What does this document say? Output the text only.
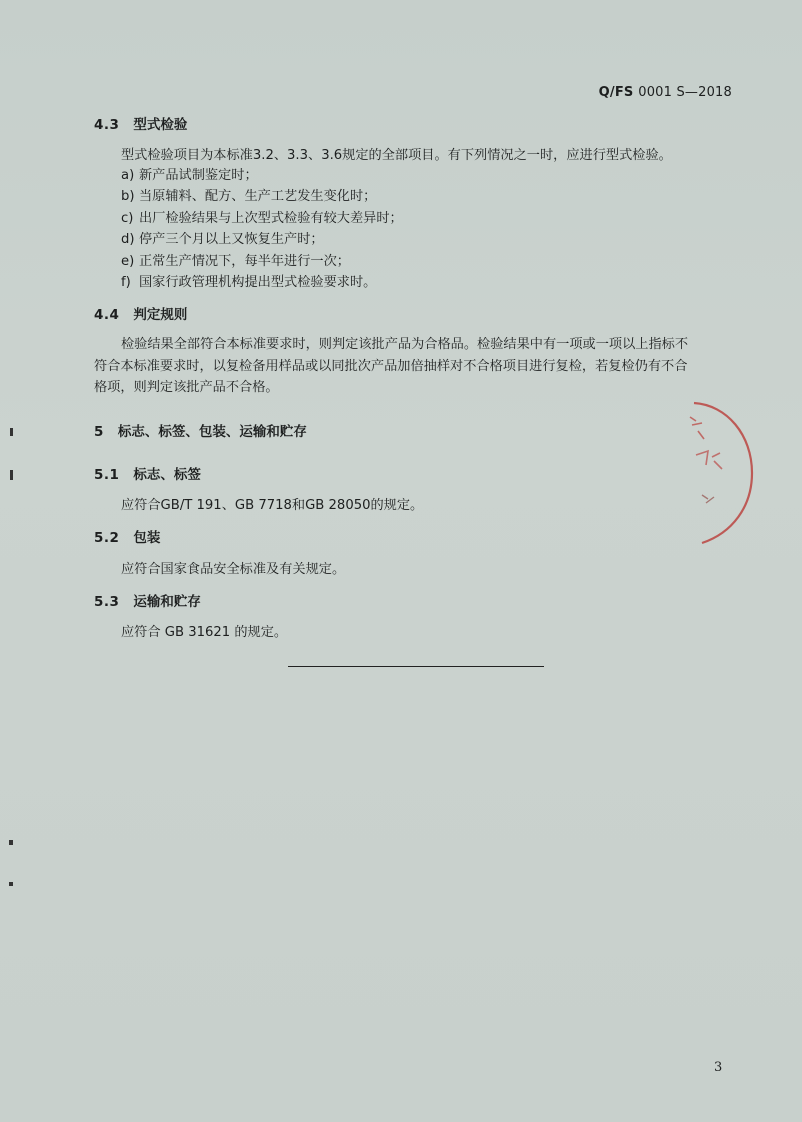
Q/FS 0001 S—2018
4.3 型式检验
型式检验项目为本标准3.2、3.3、3.6规定的全部项目。有下列情况之一时，应进行型式检验。
a) 新产品试制鉴定时；
b) 当原辅料、配方、生产工艺发生变化时；
c) 出厂检验结果与上次型式检验有较大差异时；
d) 停产三个月以上又恢复生产时；
e) 正常生产情况下，每半年进行一次；
f) 国家行政管理机构提出型式检验要求时。
4.4 判定规则
检验结果全部符合本标准要求时，则判定该批产品为合格品。检验结果中有一项或一项以上指标不
符合本标准要求时，以复检备用样品或以同批次产品加倍抽样对不合格项目进行复检，若复检仍有不合
格项，则判定该批产品不合格。
5 标志、标签、包装、运输和贮存
5.1 标志、标签
应符合GB/T 191、GB 7718和GB 28050的规定。
5.2 包装
应符合国家食品安全标准及有关规定。
5.3 运输和贮存
应符合 GB 31621 的规定。
3
